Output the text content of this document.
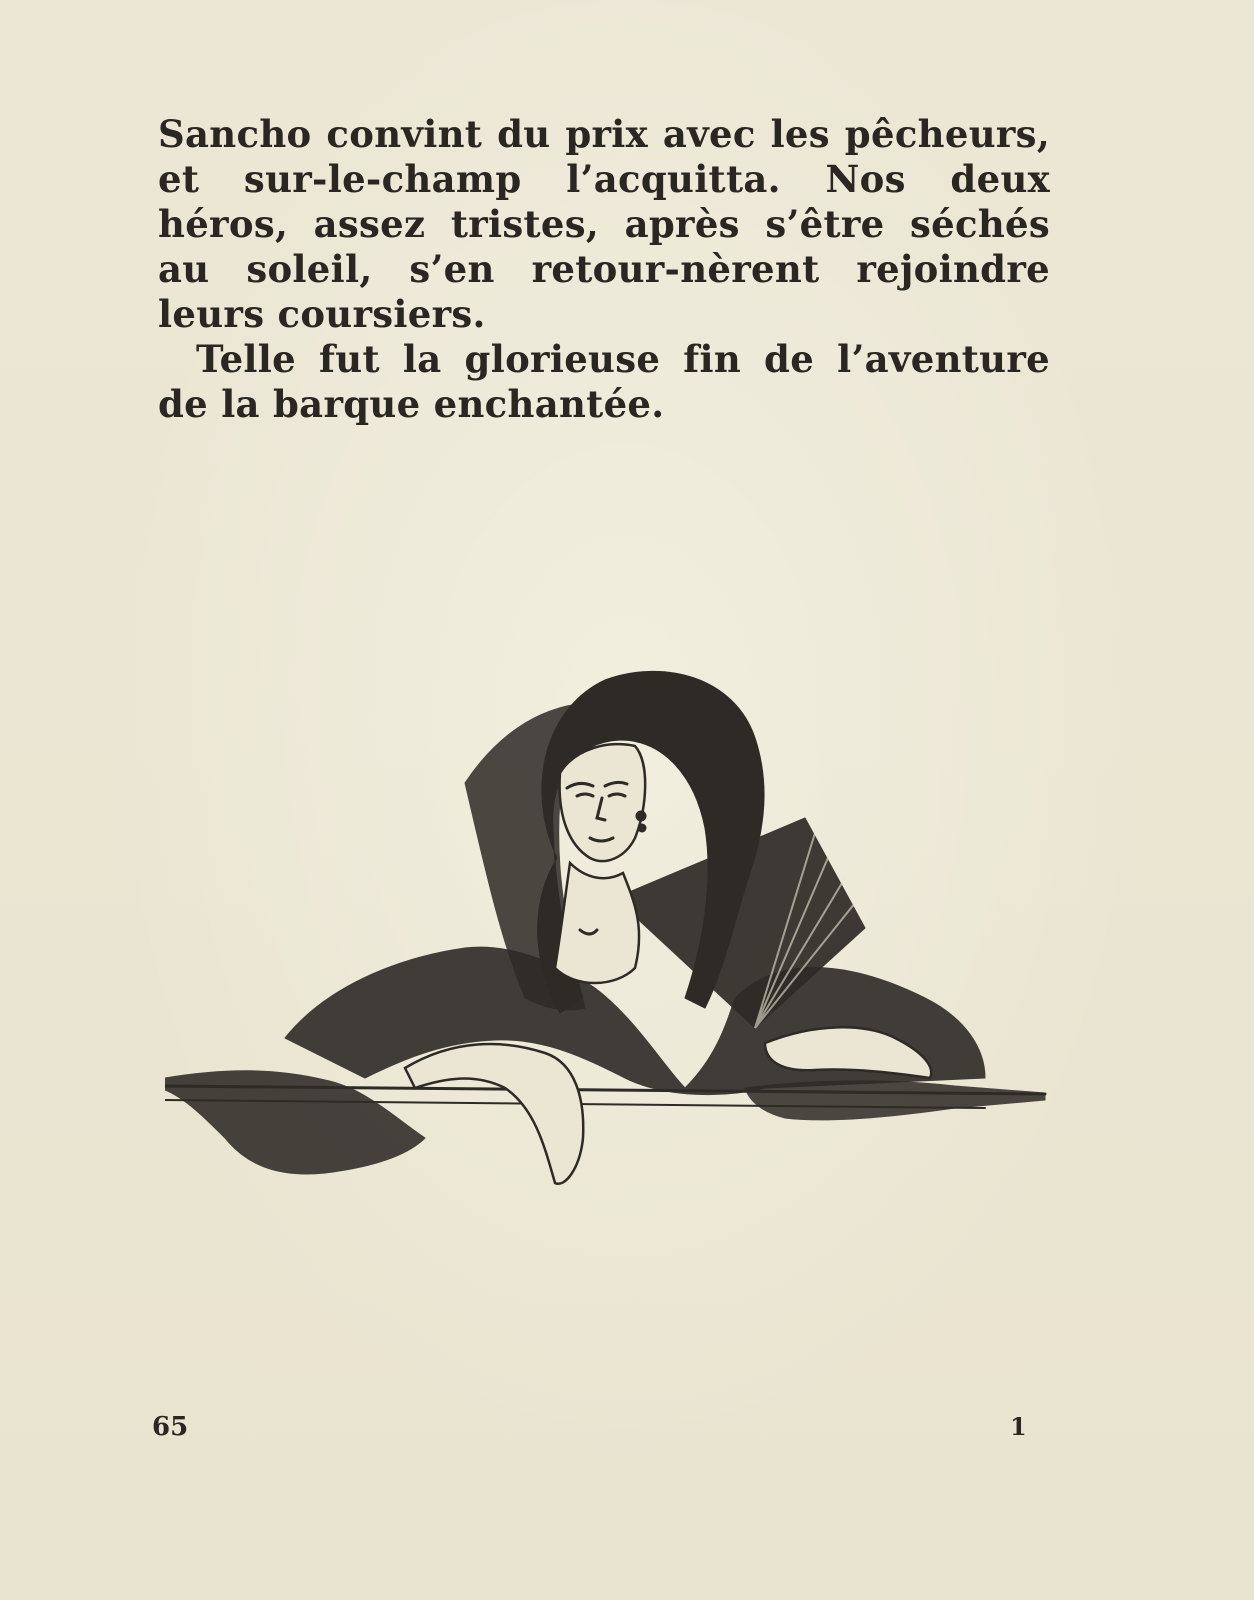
Sancho convint du prix avec les pêcheurs, et sur-le-champ l’acquitta. Nos deux héros, assez tristes, après s’être séchés au soleil, s’en retour-nèrent rejoindre leurs coursiers.

Telle fut la glorieuse fin de l’aventure de la barque enchantée.

65	1
